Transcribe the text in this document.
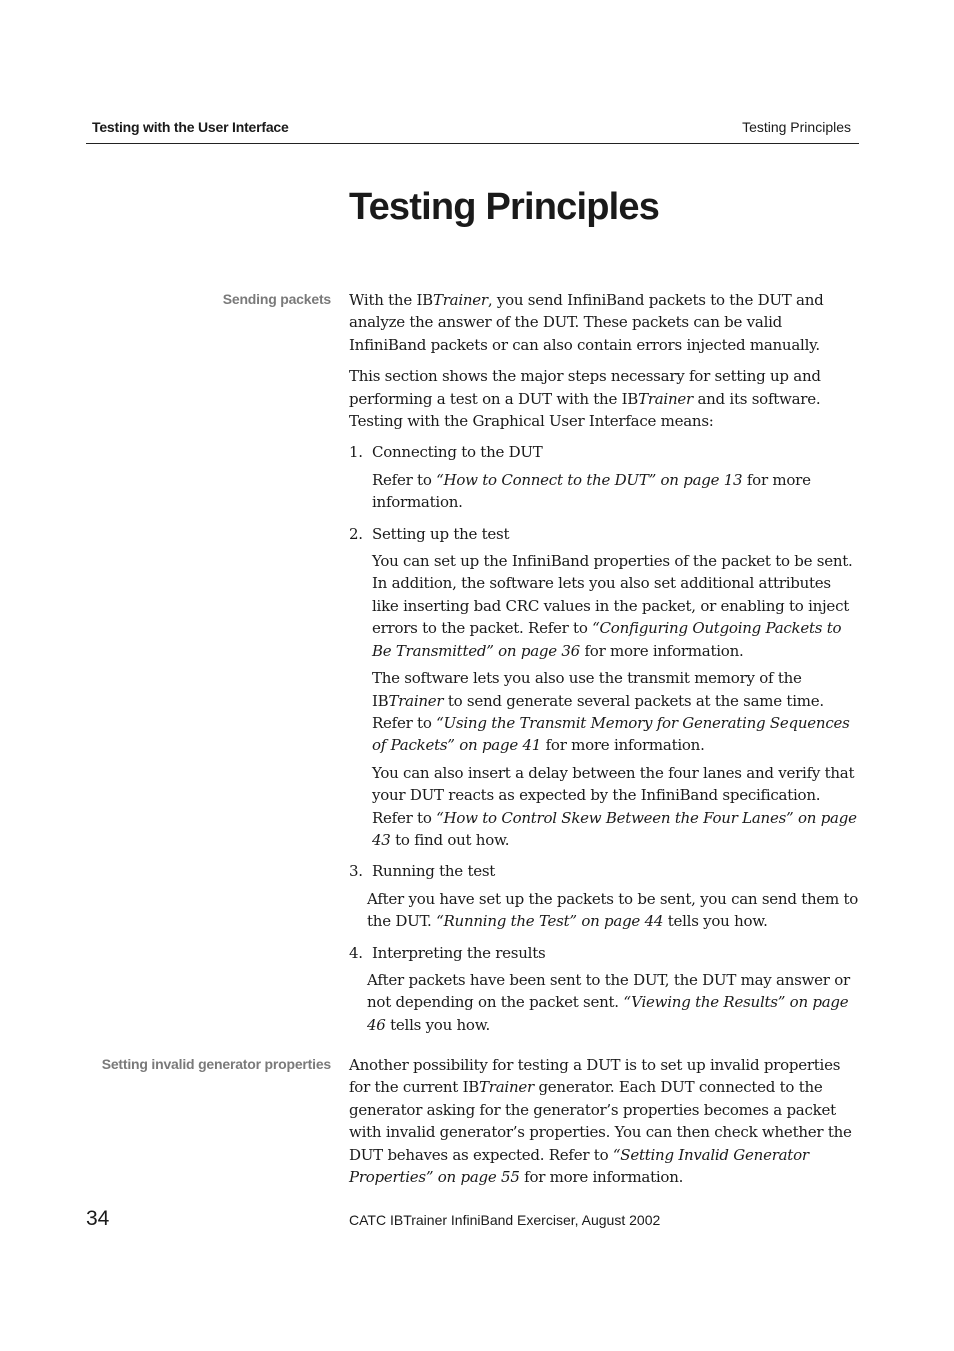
Testing with the User Interface	Testing Principles
Testing Principles
Sending packets With the IBTrainer, you send InfiniBand packets to the DUT and analyze the answer of the DUT. These packets can be valid InfiniBand packets or can also contain errors injected manually.

This section shows the major steps necessary for setting up and performing a test on a DUT with the IBTrainer and its software. Testing with the Graphical User Interface means:

1. Connecting to the DUT

Refer to “How to Connect to the DUT” on page 13 for more information.

2. Setting up the test

You can set up the InfiniBand properties of the packet to be sent. In addition, the software lets you also set additional attributes like inserting bad CRC values in the packet, or enabling to inject errors to the packet. Refer to “Configuring Outgoing Packets to Be Transmitted” on page 36 for more information.

The software lets you also use the transmit memory of the IBTrainer to send generate several packets at the same time. Refer to “Using the Transmit Memory for Generating Sequences of Packets” on page 41 for more information.

You can also insert a delay between the four lanes and verify that your DUT reacts as expected by the InfiniBand specification. Refer to “How to Control Skew Between the Four Lanes” on page 43 to find out how.

3. Running the test

After you have set up the packets to be sent, you can send them to the DUT. “Running the Test” on page 44 tells you how.

4. Interpreting the results

After packets have been sent to the DUT, the DUT may answer or not depending on the packet sent. “Viewing the Results” on page 46 tells you how.

Setting invalid generator properties Another possibility for testing a DUT is to set up invalid properties for the current IBTrainer generator. Each DUT connected to the generator asking for the generator’s properties becomes a packet with invalid generator’s properties. You can then check whether the DUT behaves as expected. Refer to “Setting Invalid Generator Properties” on page 55 for more information.

34	CATC IBTrainer InfiniBand Exerciser, August 2002
